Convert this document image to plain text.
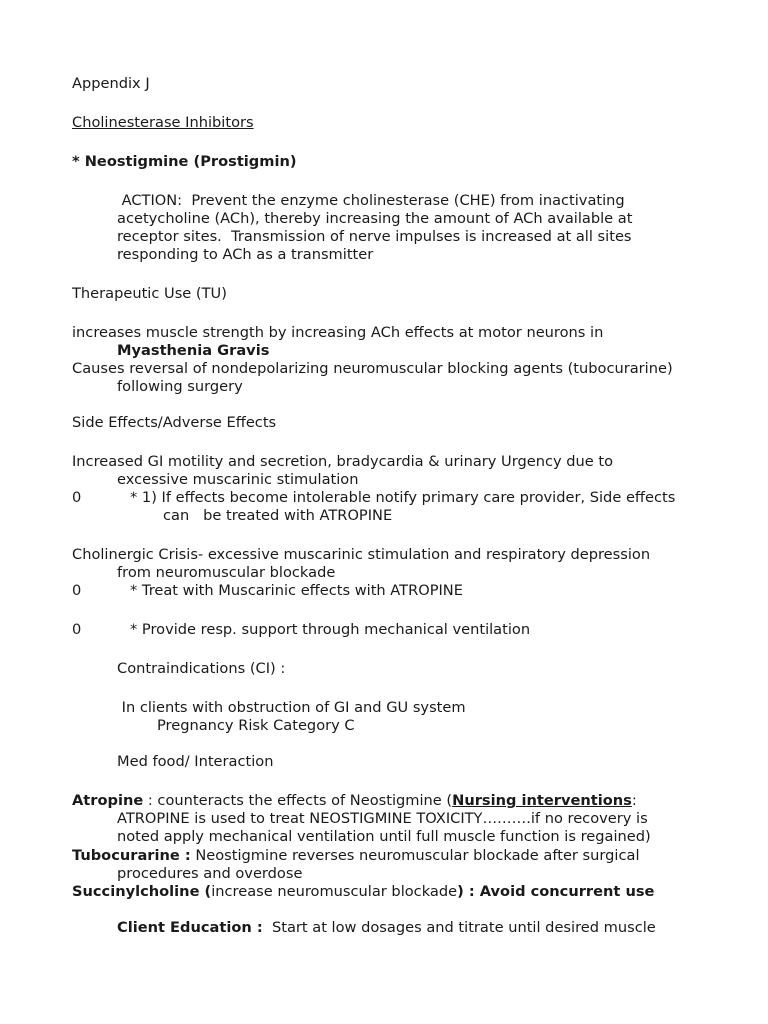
Appendix J
Cholinesterase Inhibitors
* Neostigmine (Prostigmin)
ACTION:  Prevent the enzyme cholinesterase (CHE) from inactivating
acetycholine (ACh), thereby increasing the amount of ACh available at
receptor sites.  Transmission of nerve impulses is increased at all sites
responding to ACh as a transmitter
Therapeutic Use (TU)
increases muscle strength by increasing ACh effects at motor neurons in
Myasthenia Gravis
Causes reversal of nondepolarizing neuromuscular blocking agents (tubocurarine)
following surgery
Side Effects/Adverse Effects
Increased GI motility and secretion, bradycardia & urinary Urgency due to
excessive muscarinic stimulation
0	* 1) If effects become intolerable notify primary care provider, Side effects
can   be treated with ATROPINE
Cholinergic Crisis- excessive muscarinic stimulation and respiratory depression
from neuromuscular blockade
0	* Treat with Muscarinic effects with ATROPINE
0	* Provide resp. support through mechanical ventilation
Contraindications (CI) :
In clients with obstruction of GI and GU system
Pregnancy Risk Category C
Med food/ Interaction
Atropine : counteracts the effects of Neostigmine (Nursing interventions:
ATROPINE is used to treat NEOSTIGMINE TOXICITY……….if no recovery is
noted apply mechanical ventilation until full muscle function is regained)
Tubocurarine : Neostigmine reverses neuromuscular blockade after surgical
procedures and overdose
Succinylcholine (increase neuromuscular blockade) : Avoid concurrent use
Client Education :  Start at low dosages and titrate until desired muscle
